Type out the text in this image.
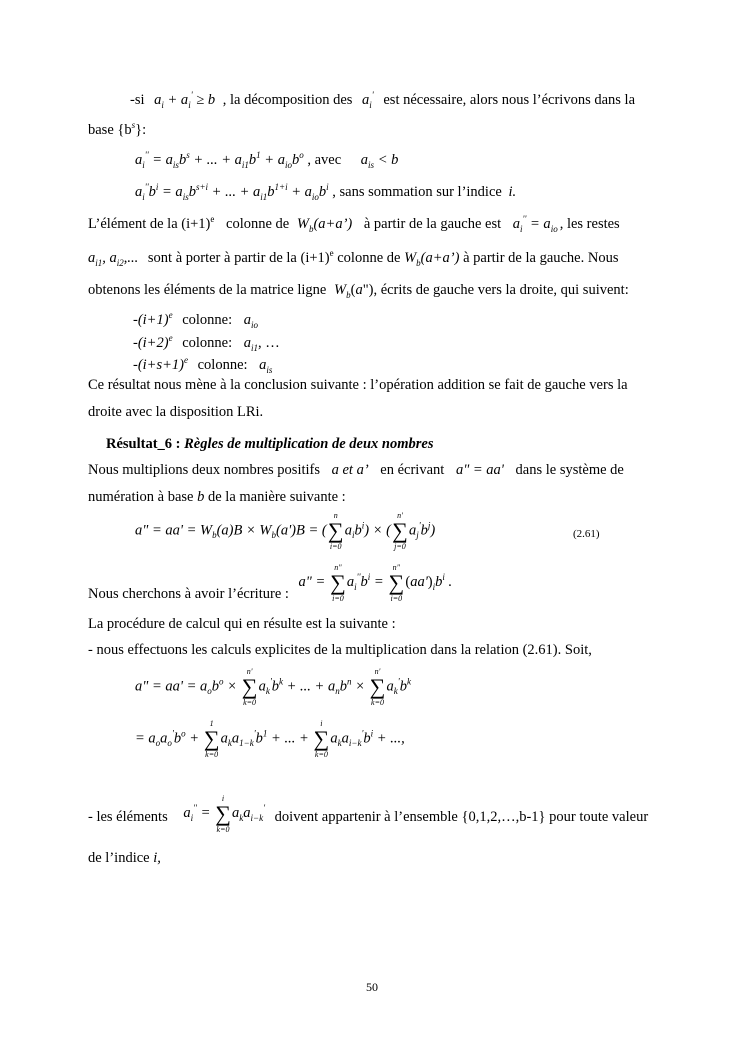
-si $a_i + a_i' \ge b$ , la décomposition des $a_i'$ est nécessaire, alors nous l’écrivons dans la
base $\{b^s\}$:
$a_i'' = a_{is}b^s$ + ... + $a_{i1}b^1 + a_{io}b^o$ , avec $a_{is} < b$
$a_i''b^i = a_{is}b^{s+i}$ + ... + $a_{i1}b^{1+i} + a_{io}b^i$ , sans sommation sur l’indice i.
L’élément de la $(i+1)^e$ colonne de $W_b(a+a’)$ à partir de la gauche est $a_i'' = a_{io}$ , les restes
$a_{i1}$, $a_{i2}$,... sont à porter à partir de la $(i+1)^e$ colonne de $W_b(a+a’)$ à partir de la gauche. Nous
obtenons les éléments de la matrice ligne $W_b(a")$, écrits de gauche vers la droite, qui suivent:
$-(i+1)^e$ colonne: $a_{io}$
$-(i+2)^e$ colonne: $a_{i1}$, …
$-(i+s+1)^e$ colonne: $a_{is}$
Ce résultat nous mène à la conclusion suivante : l’opération addition se fait de gauche vers la
droite avec la disposition LRi.
Résultat_6 : Règles de multiplication de deux nombres
Nous multiplions deux nombres positifs a et a’ en écrivant a" = aa' dans le système de
numération à base b de la manière suivante :
a" = $aa' = W_b(a)B \times W_b(a')B$ = (
n
∑
i=0
$a_ib^i$) × (
n'
∑
j=0
$a_j'b^j$)	(2.61)
Nous cherchons à avoir l’écriture : a" =
n"
∑
i=0
$a_i''b^i$ =
n"
∑
i=0
$(aa')_ib^i$ .
La procédure de calcul qui en résulte est la suivante :
- nous effectuons les calculs explicites de la multiplication dans la relation (2.61). Soit,
a" = $aa' = a_ob^o$ ×
n'
∑
k=0
$a_k'b^k$ + ... + $a_nb^n$ ×
n'
∑
k=0
$a_k'b^k$
= $a_oa_o'b^o$ +
1
∑
k=0
$a_ka_{1-k}'b^1$ + ... +
i
∑
k=0
$a_ka_{i-k}'b^i$ + ...,
- les éléments $a_i''$ =
i
∑
k=0
$a_ka_{i-k}'$ doivent appartenir à l’ensemble {0,1,2,…,b-1} pour toute valeur
de l’indice i,
50
